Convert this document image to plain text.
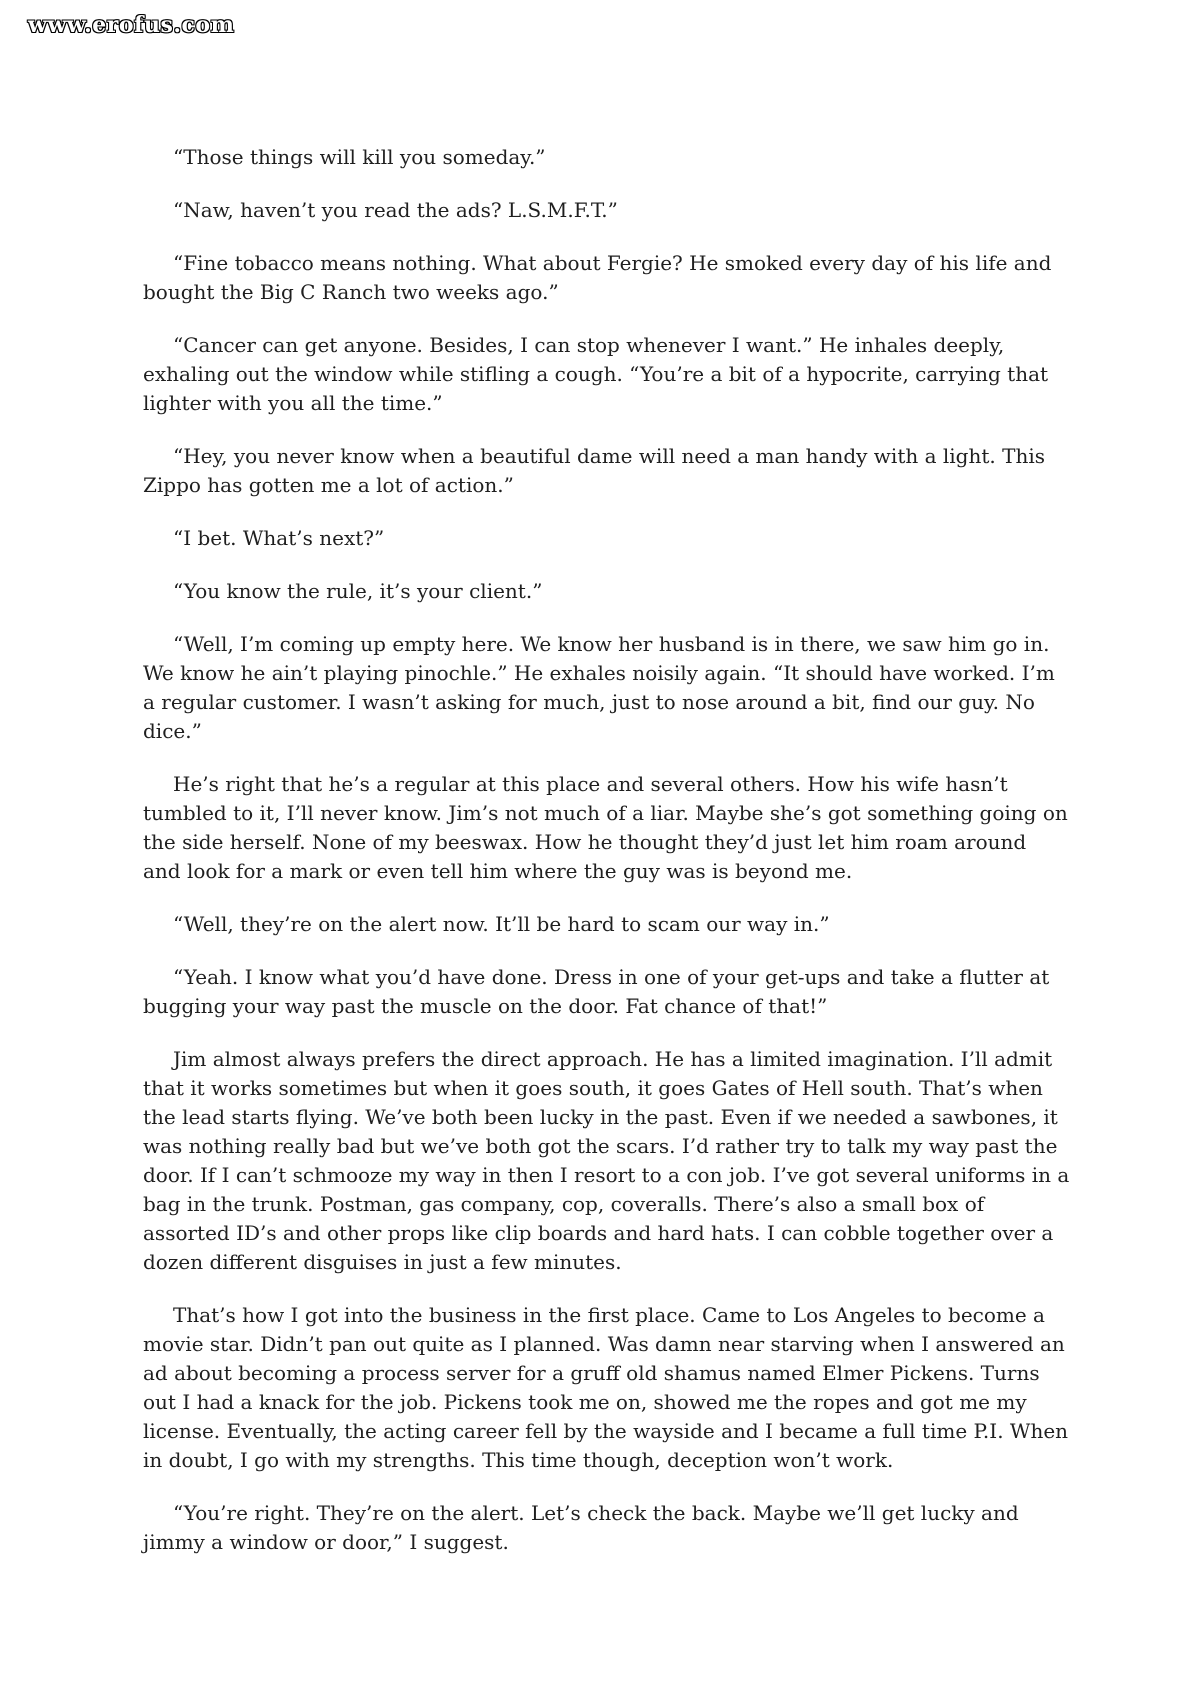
www.erofus.com

“Those things will kill you someday.”

“Naw, haven’t you read the ads? L.S.M.F.T.”

“Fine tobacco means nothing. What about Fergie? He smoked every day of his life and bought the Big C Ranch two weeks ago.”

“Cancer can get anyone. Besides, I can stop whenever I want.” He inhales deeply, exhaling out the window while stifling a cough. “You’re a bit of a hypocrite, carrying that lighter with you all the time.”

“Hey, you never know when a beautiful dame will need a man handy with a light. This Zippo has gotten me a lot of action.”

“I bet. What’s next?”

“You know the rule, it’s your client.”

“Well, I’m coming up empty here. We know her husband is in there, we saw him go in. We know he ain’t playing pinochle.” He exhales noisily again. “It should have worked. I’m a regular customer. I wasn’t asking for much, just to nose around a bit, find our guy. No dice.”

He’s right that he’s a regular at this place and several others. How his wife hasn’t tumbled to it, I’ll never know. Jim’s not much of a liar. Maybe she’s got something going on the side herself. None of my beeswax. How he thought they’d just let him roam around and look for a mark or even tell him where the guy was is beyond me.

“Well, they’re on the alert now. It’ll be hard to scam our way in.”

“Yeah. I know what you’d have done. Dress in one of your get-ups and take a flutter at bugging your way past the muscle on the door. Fat chance of that!”

Jim almost always prefers the direct approach. He has a limited imagination. I’ll admit that it works sometimes but when it goes south, it goes Gates of Hell south. That’s when the lead starts flying. We’ve both been lucky in the past. Even if we needed a sawbones, it was nothing really bad but we’ve both got the scars. I’d rather try to talk my way past the door. If I can’t schmooze my way in then I resort to a con job. I’ve got several uniforms in a bag in the trunk. Postman, gas company, cop, coveralls. There’s also a small box of assorted ID’s and other props like clip boards and hard hats. I can cobble together over a dozen different disguises in just a few minutes.

That’s how I got into the business in the first place. Came to Los Angeles to become a movie star. Didn’t pan out quite as I planned. Was damn near starving when I answered an ad about becoming a process server for a gruff old shamus named Elmer Pickens. Turns out I had a knack for the job. Pickens took me on, showed me the ropes and got me my license. Eventually, the acting career fell by the wayside and I became a full time P.I. When in doubt, I go with my strengths. This time though, deception won’t work.

“You’re right. They’re on the alert. Let’s check the back. Maybe we’ll get lucky and jimmy a window or door,” I suggest.
